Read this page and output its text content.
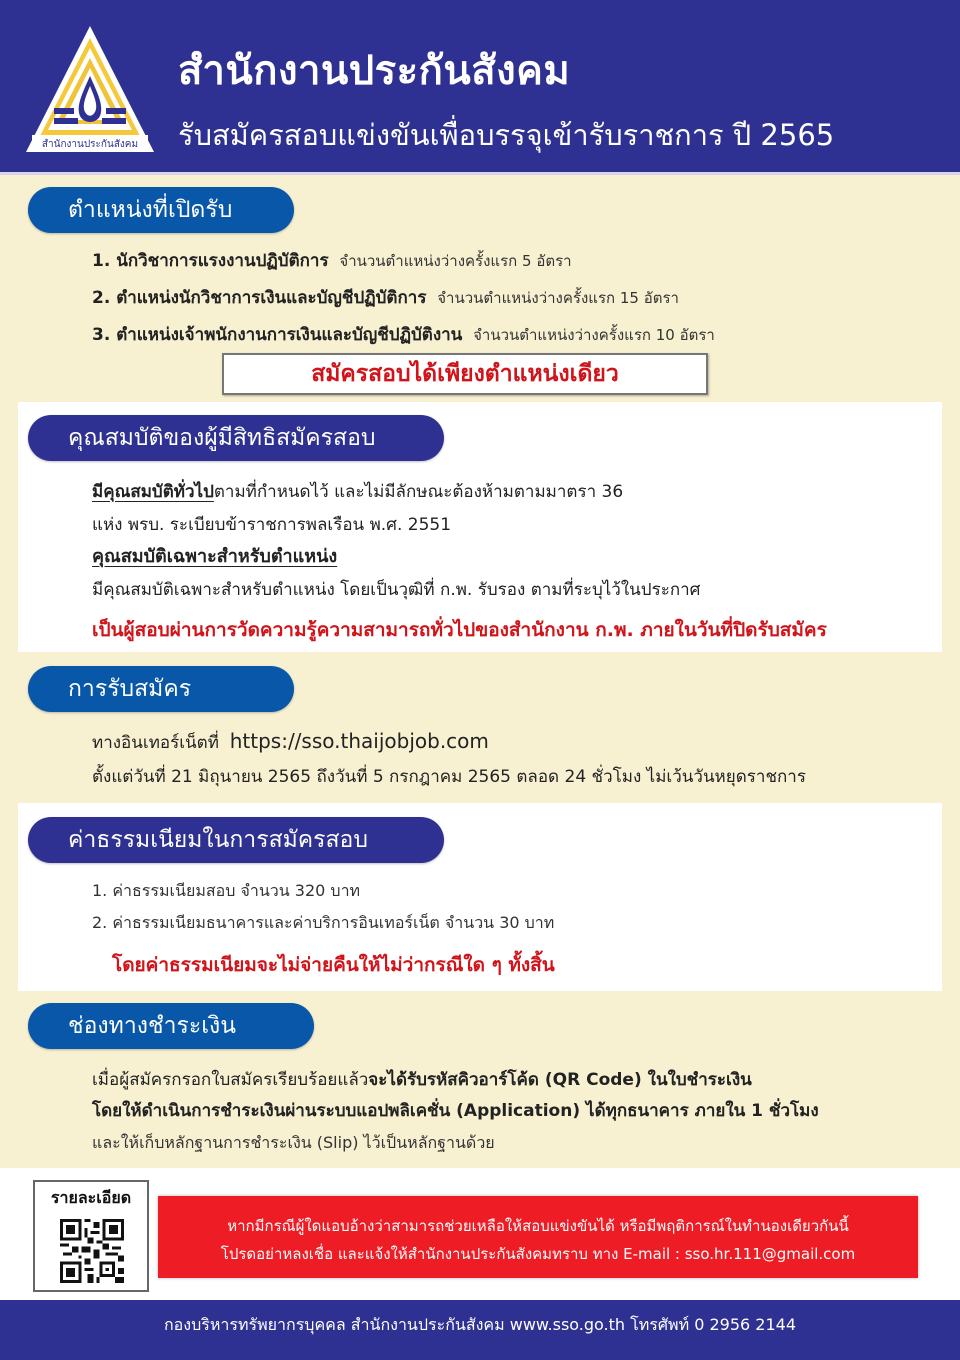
สำนักงานประกันสังคม
สำนักงานประกันสังคม
รับสมัครสอบแข่งขันเพื่อบรรจุเข้ารับราชการ ปี 2565
ตำแหน่งที่เปิดรับ
1. นักวิชาการแรงงานปฏิบัติการ จำนวนตำแหน่งว่างครั้งแรก 5 อัตรา
2. ตำแหน่งนักวิชาการเงินและบัญชีปฏิบัติการ จำนวนตำแหน่งว่างครั้งแรก 15 อัตรา
3. ตำแหน่งเจ้าพนักงานการเงินและบัญชีปฏิบัติงาน จำนวนตำแหน่งว่างครั้งแรก 10 อัตรา
สมัครสอบได้เพียงตำแหน่งเดียว
คุณสมบัติของผู้มีสิทธิสมัครสอบ
มีคุณสมบัติทั่วไปตามที่กำหนดไว้ และไม่มีลักษณะต้องห้ามตามมาตรา 36
แห่ง พรบ. ระเบียบข้าราชการพลเรือน พ.ศ. 2551
คุณสมบัติเฉพาะสำหรับตำแหน่ง
มีคุณสมบัติเฉพาะสำหรับตำแหน่ง โดยเป็นวุฒิที่ ก.พ. รับรอง ตามที่ระบุไว้ในประกาศ
เป็นผู้สอบผ่านการวัดความรู้ความสามารถทั่วไปของสำนักงาน ก.พ. ภายในวันที่ปิดรับสมัคร
การรับสมัคร
ทางอินเทอร์เน็ตที่ https://sso.thaijobjob.com
ตั้งแต่วันที่ 21 มิถุนายน 2565 ถึงวันที่ 5 กรกฎาคม 2565 ตลอด 24 ชั่วโมง ไม่เว้นวันหยุดราชการ
ค่าธรรมเนียมในการสมัครสอบ
1. ค่าธรรมเนียมสอบ จำนวน 320 บาท
2. ค่าธรรมเนียมธนาคารและค่าบริการอินเทอร์เน็ต จำนวน 30 บาท
โดยค่าธรรมเนียมจะไม่จ่ายคืนให้ไม่ว่ากรณีใด ๆ ทั้งสิ้น
ช่องทางชำระเงิน
เมื่อผู้สมัครกรอกใบสมัครเรียบร้อยแล้วจะได้รับรหัสคิวอาร์โค้ด (QR Code) ในใบชำระเงิน
โดยให้ดำเนินการชำระเงินผ่านระบบแอปพลิเคชั่น (Application) ได้ทุกธนาคาร ภายใน 1 ชั่วโมง
และให้เก็บหลักฐานการชำระเงิน (Slip) ไว้เป็นหลักฐานด้วย
รายละเอียด
หากมีกรณีผู้ใดแอบอ้างว่าสามารถช่วยเหลือให้สอบแข่งขันได้ หรือมีพฤติการณ์ในทำนองเดียวกันนี้
โปรดอย่าหลงเชื่อ และแจ้งให้สำนักงานประกันสังคมทราบ ทาง E-mail : sso.hr.111@gmail.com
กองบริหารทรัพยากรบุคคล สำนักงานประกันสังคม www.sso.go.th โทรศัพท์ 0 2956 2144
